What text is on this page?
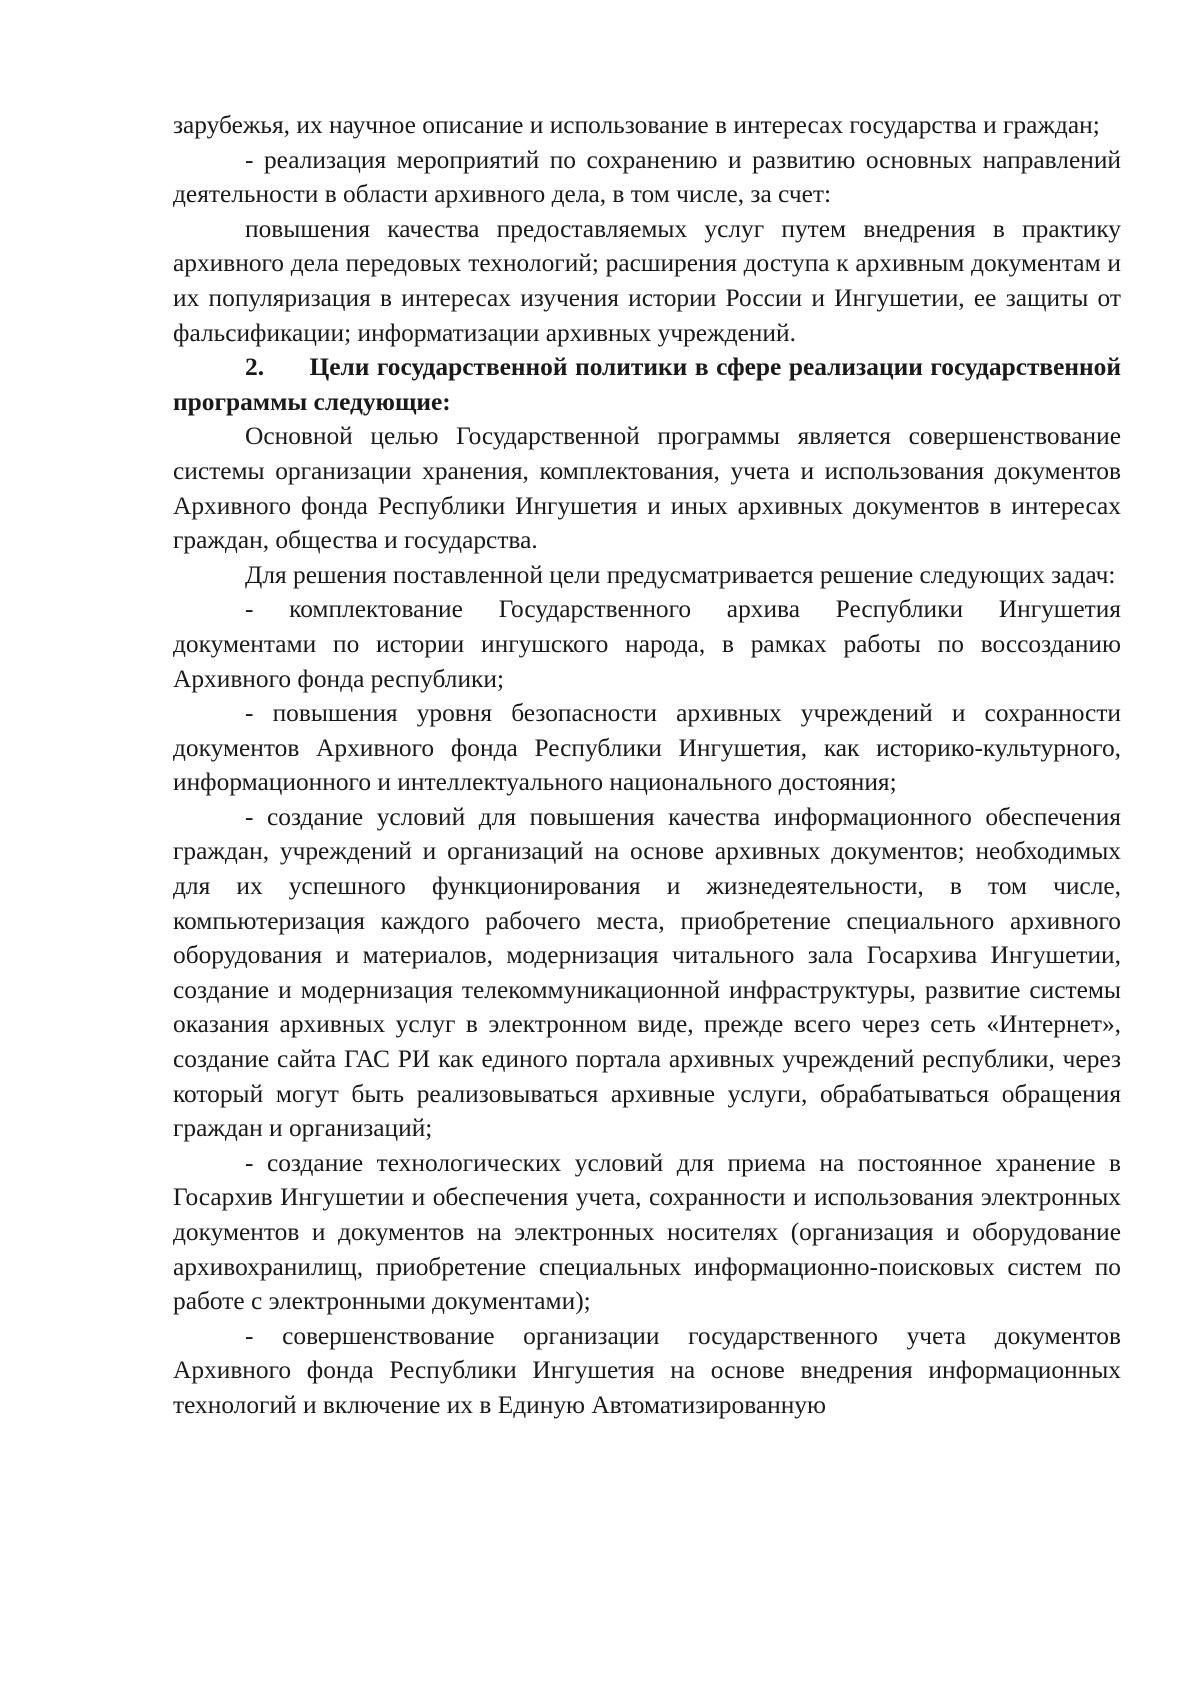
зарубежья, их научное описание и использование в интересах государства и граждан;

- реализация мероприятий по сохранению и развитию основных направлений деятельности в области архивного дела, в том числе, за счет:

повышения качества предоставляемых услуг путем внедрения в практику архивного дела передовых технологий; расширения доступа к архивным документам и их популяризация в интересах изучения истории России и Ингушетии, ее защиты от фальсификации; информатизации архивных учреждений.

2. Цели государственной политики в сфере реализации государственной программы следующие:

Основной целью Государственной программы является совершенствование системы организации хранения, комплектования, учета и использования документов Архивного фонда Республики Ингушетия и иных архивных документов в интересах граждан, общества и государства.

Для решения поставленной цели предусматривается решение следующих задач:

- комплектование Государственного архива Республики Ингушетия документами по истории ингушского народа, в рамках работы по воссозданию Архивного фонда республики;

- повышения уровня безопасности архивных учреждений и сохранности документов Архивного фонда Республики Ингушетия, как историко-культурного, информационного и интеллектуального национального достояния;

- создание условий для повышения качества информационного обеспечения граждан, учреждений и организаций на основе архивных документов; необходимых для их успешного функционирования и жизнедеятельности, в том числе, компьютеризация каждого рабочего места, приобретение специального архивного оборудования и материалов, модернизация читального зала Госархива Ингушетии, создание и модернизация телекоммуникационной инфраструктуры, развитие системы оказания архивных услуг в электронном виде, прежде всего через сеть «Интернет», создание сайта ГАС РИ как единого портала архивных учреждений республики, через который могут быть реализовываться архивные услуги, обрабатываться обращения граждан и организаций;

- создание технологических условий для приема на постоянное хранение в Госархив Ингушетии и обеспечения учета, сохранности и использования электронных документов и документов на электронных носителях (организация и оборудование архивохранилищ, приобретение специальных информационно-поисковых систем по работе с электронными документами);

- совершенствование организации государственного учета документов Архивного фонда Республики Ингушетия на основе внедрения информационных технологий и включение их в Единую Автоматизированную
